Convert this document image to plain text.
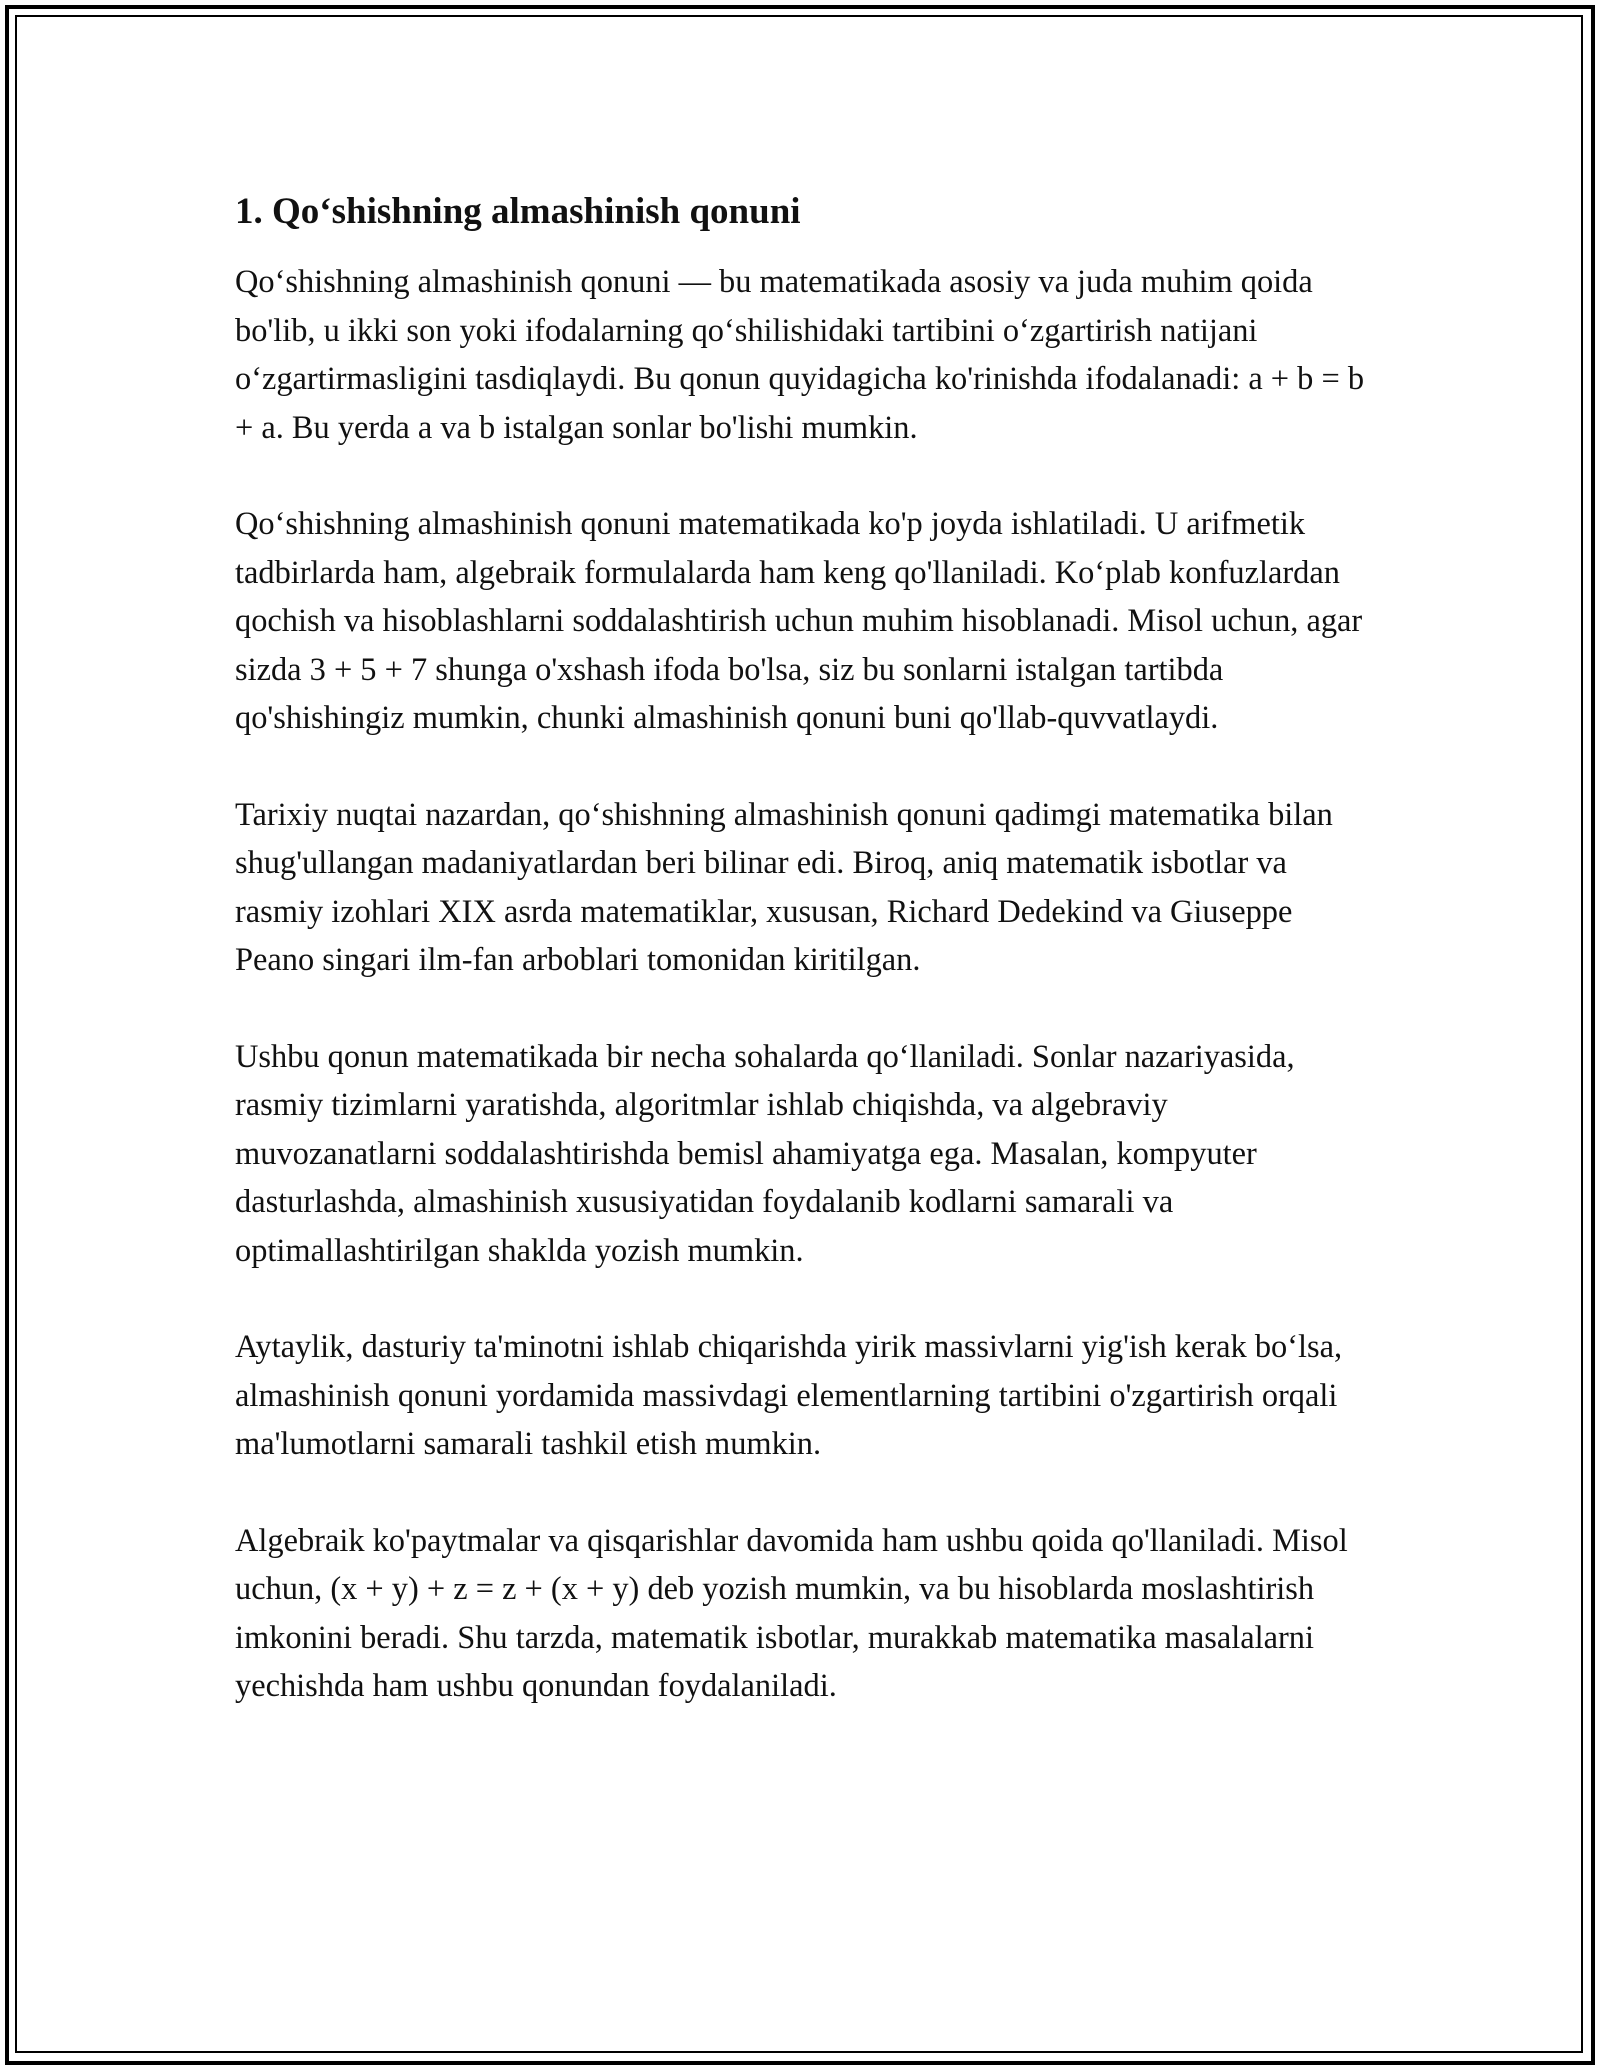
1. Qo‘shishning almashinish qonuni

Qo‘shishning almashinish qonuni — bu matematikada asosiy va juda muhim qoida bo'lib, u ikki son yoki ifodalarning qo‘shilishidaki tartibini o‘zgartirish natijani o‘zgartirmasligini tasdiqlaydi. Bu qonun quyidagicha ko'rinishda ifodalanadi: a + b = b + a. Bu yerda a va b istalgan sonlar bo'lishi mumkin.

Qo‘shishning almashinish qonuni matematikada ko'p joyda ishlatiladi. U arifmetik tadbirlarda ham, algebraik formulalarda ham keng qo'llaniladi. Ko‘plab konfuzlardan qochish va hisoblashlarni soddalashtirish uchun muhim hisoblanadi. Misol uchun, agar sizda 3 + 5 + 7 shunga o'xshash ifoda bo'lsa, siz bu sonlarni istalgan tartibda qo'shishingiz mumkin, chunki almashinish qonuni buni qo'llab-quvvatlaydi.

Tarixiy nuqtai nazardan, qo‘shishning almashinish qonuni qadimgi matematika bilan shug'ullangan madaniyatlardan beri bilinar edi. Biroq, aniq matematik isbotlar va rasmiy izohlari XIX asrda matematiklar, xususan, Richard Dedekind va Giuseppe Peano singari ilm-fan arboblari tomonidan kiritilgan.

Ushbu qonun matematikada bir necha sohalarda qo‘llaniladi. Sonlar nazariyasida, rasmiy tizimlarni yaratishda, algoritmlar ishlab chiqishda, va algebraviy muvozanatlarni soddalashtirishda bemisl ahamiyatga ega. Masalan, kompyuter dasturlashda, almashinish xususiyatidan foydalanib kodlarni samarali va optimallashtirilgan shaklda yozish mumkin.

Aytaylik, dasturiy ta'minotni ishlab chiqarishda yirik massivlarni yig'ish kerak bo‘lsa, almashinish qonuni yordamida massivdagi elementlarning tartibini o'zgartirish orqali ma'lumotlarni samarali tashkil etish mumkin.

Algebraik ko'paytmalar va qisqarishlar davomida ham ushbu qoida qo'llaniladi. Misol uchun, (x + y) + z = z + (x + y) deb yozish mumkin, va bu hisoblarda moslashtirish imkonini beradi. Shu tarzda, matematik isbotlar, murakkab matematika masalalarni yechishda ham ushbu qonundan foydalaniladi.
